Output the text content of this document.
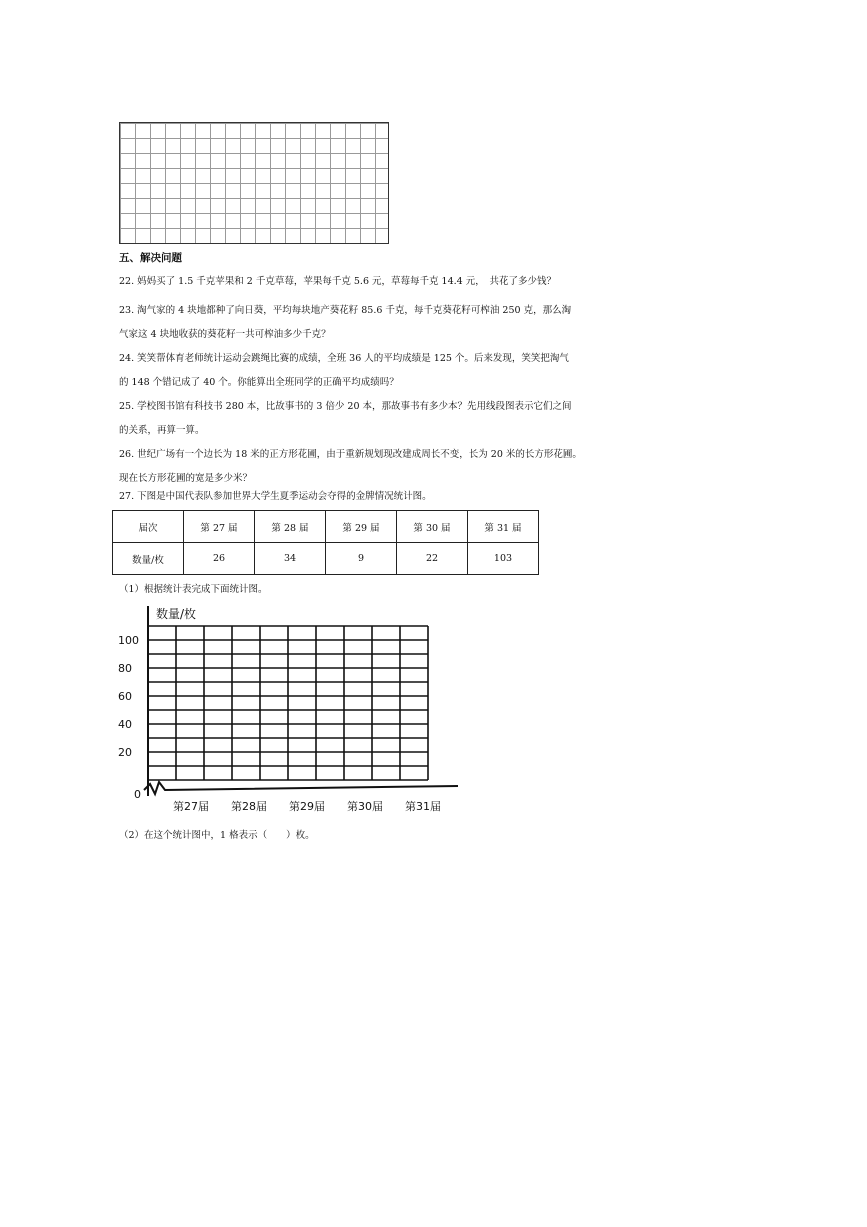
五、解决问题
22. 妈妈买了 1.5 千克苹果和 2 千克草莓，苹果每千克 5.6 元，草莓每千克 14.4 元，　共花了多少钱？
23. 淘气家的 4 块地都种了向日葵，平均每块地产葵花籽 85.6 千克，每千克葵花籽可榨油 250 克，那么淘
气家这 4 块地收获的葵花籽一共可榨油多少千克？
24. 笑笑帮体育老师统计运动会跳绳比赛的成绩，全班 36 人的平均成绩是 125 个。后来发现，笑笑把淘气
的 148 个错记成了 40 个。你能算出全班同学的正确平均成绩吗？
25. 学校图书馆有科技书 280 本，比故事书的 3 倍少 20 本，那故事书有多少本？先用线段图表示它们之间
的关系，再算一算。
26. 世纪广场有一个边长为 18 米的正方形花圃，由于重新规划现改建成周长不变，长为 20 米的长方形花圃。
现在长方形花圃的宽是多少米？
27. 下图是中国代表队参加世界大学生夏季运动会夺得的金牌情况统计图。
届次	第 27 届	第 28 届	第 29 届	第 30 届	第 31 届
数量/枚	26	34	9	22	103
（1）根据统计表完成下面统计图。
0
20
40
60
80
100
第27届 第28届 第29届 第30届 第31届
数量/枚
（2）在这个统计图中，1 格表示（　　）枚。
